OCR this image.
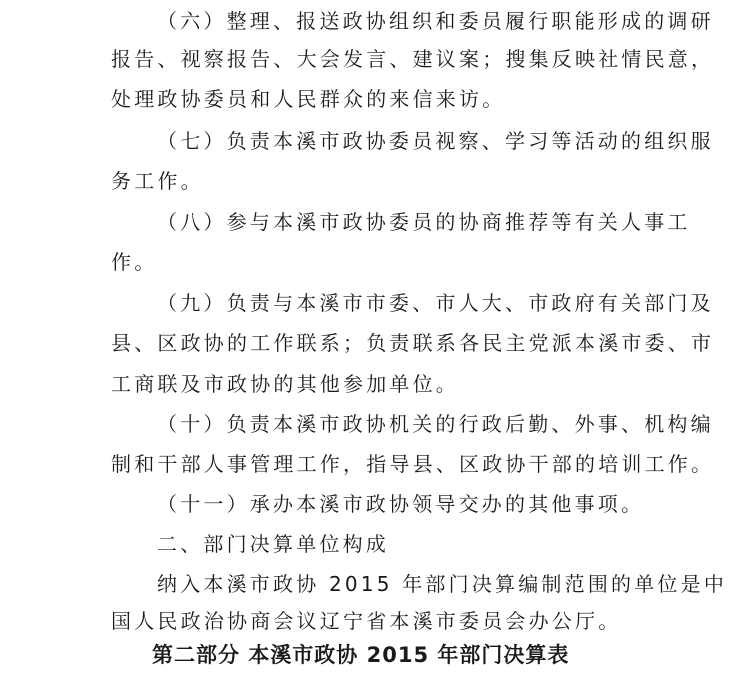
（六）整理、报送政协组织和委员履行职能形成的调研
报告、视察报告、大会发言、建议案；搜集反映社情民意，
处理政协委员和人民群众的来信来访。
（七）负责本溪市政协委员视察、学习等活动的组织服
务工作。
（八）参与本溪市政协委员的协商推荐等有关人事工
作。
（九）负责与本溪市市委、市人大、市政府有关部门及
县、区政协的工作联系；负责联系各民主党派本溪市委、市
工商联及市政协的其他参加单位。
（十）负责本溪市政协机关的行政后勤、外事、机构编
制和干部人事管理工作，指导县、区政协干部的培训工作。
（十一）承办本溪市政协领导交办的其他事项。
二、部门决算单位构成
纳入本溪市政协 2015 年部门决算编制范围的单位是中
国人民政治协商会议辽宁省本溪市委员会办公厅。
第二部分 本溪市政协 2015 年部门决算表
